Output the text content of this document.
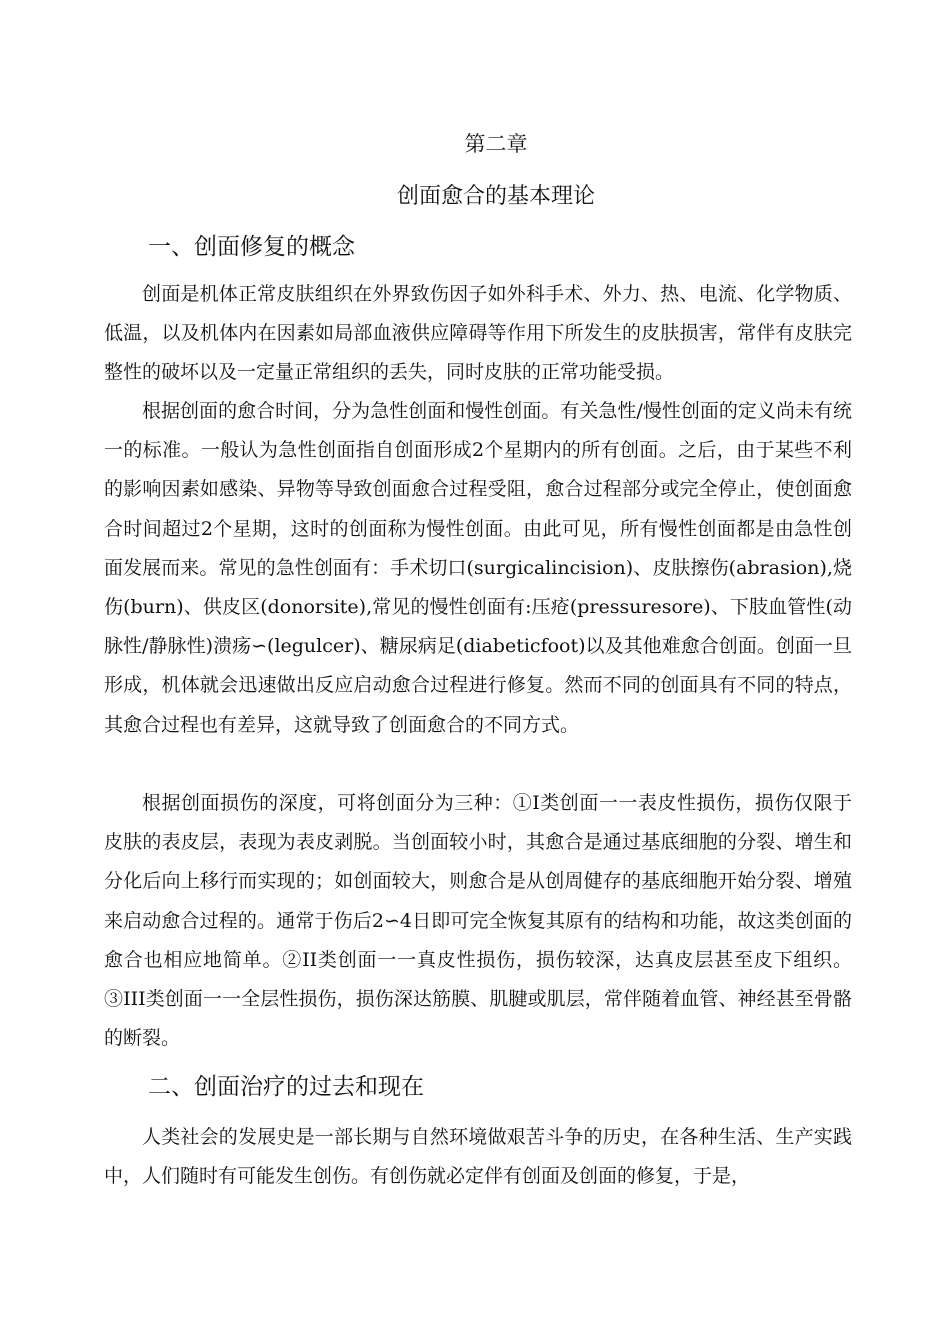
第二章
创面愈合的基本理论
一、创面修复的概念

创面是机体正常皮肤组织在外界致伤因子如外科手术、外力、热、电流、化学物质、低温，以及机体内在因素如局部血液供应障碍等作用下所发生的皮肤损害，常伴有皮肤完整性的破坏以及一定量正常组织的丢失，同时皮肤的正常功能受损。

根据创面的愈合时间，分为急性创面和慢性创面。有关急性/慢性创面的定义尚未有统一的标准。一般认为急性创面指自创面形成2个星期内的所有创面。之后，由于某些不利的影响因素如感染、异物等导致创面愈合过程受阻，愈合过程部分或完全停止，使创面愈合时间超过2个星期，这时的创面称为慢性创面。由此可见，所有慢性创面都是由急性创面发展而来。常见的急性创面有：手术切口(surgicalincision)、皮肤擦伤(abrasion),烧伤(burn)、供皮区(donorsite),常见的慢性创面有:压疮(pressuresore)、下肢血管性(动脉性/静脉性)溃疡∽(legulcer)、糖尿病足(diabeticfoot)以及其他难愈合创面。创面一旦形成，机体就会迅速做出反应启动愈合过程进行修复。然而不同的创面具有不同的特点，其愈合过程也有差异，这就导致了创面愈合的不同方式。

根据创面损伤的深度，可将创面分为三种：①I类创面一一表皮性损伤，损伤仅限于皮肤的表皮层，表现为表皮剥脱。当创面较小时，其愈合是通过基底细胞的分裂、增生和分化后向上移行而实现的；如创面较大，则愈合是从创周健存的基底细胞开始分裂、增殖来启动愈合过程的。通常于伤后2∽4日即可完全恢复其原有的结构和功能，故这类创面的愈合也相应地简单。②II类创面一一真皮性损伤，损伤较深，达真皮层甚至皮下组织。③III类创面一一全层性损伤，损伤深达筋膜、肌腱或肌层，常伴随着血管、神经甚至骨骼的断裂。

二、创面治疗的过去和现在

人类社会的发展史是一部长期与自然环境做艰苦斗争的历史，在各种生活、生产实践中，人们随时有可能发生创伤。有创伤就必定伴有创面及创面的修复，于是，
